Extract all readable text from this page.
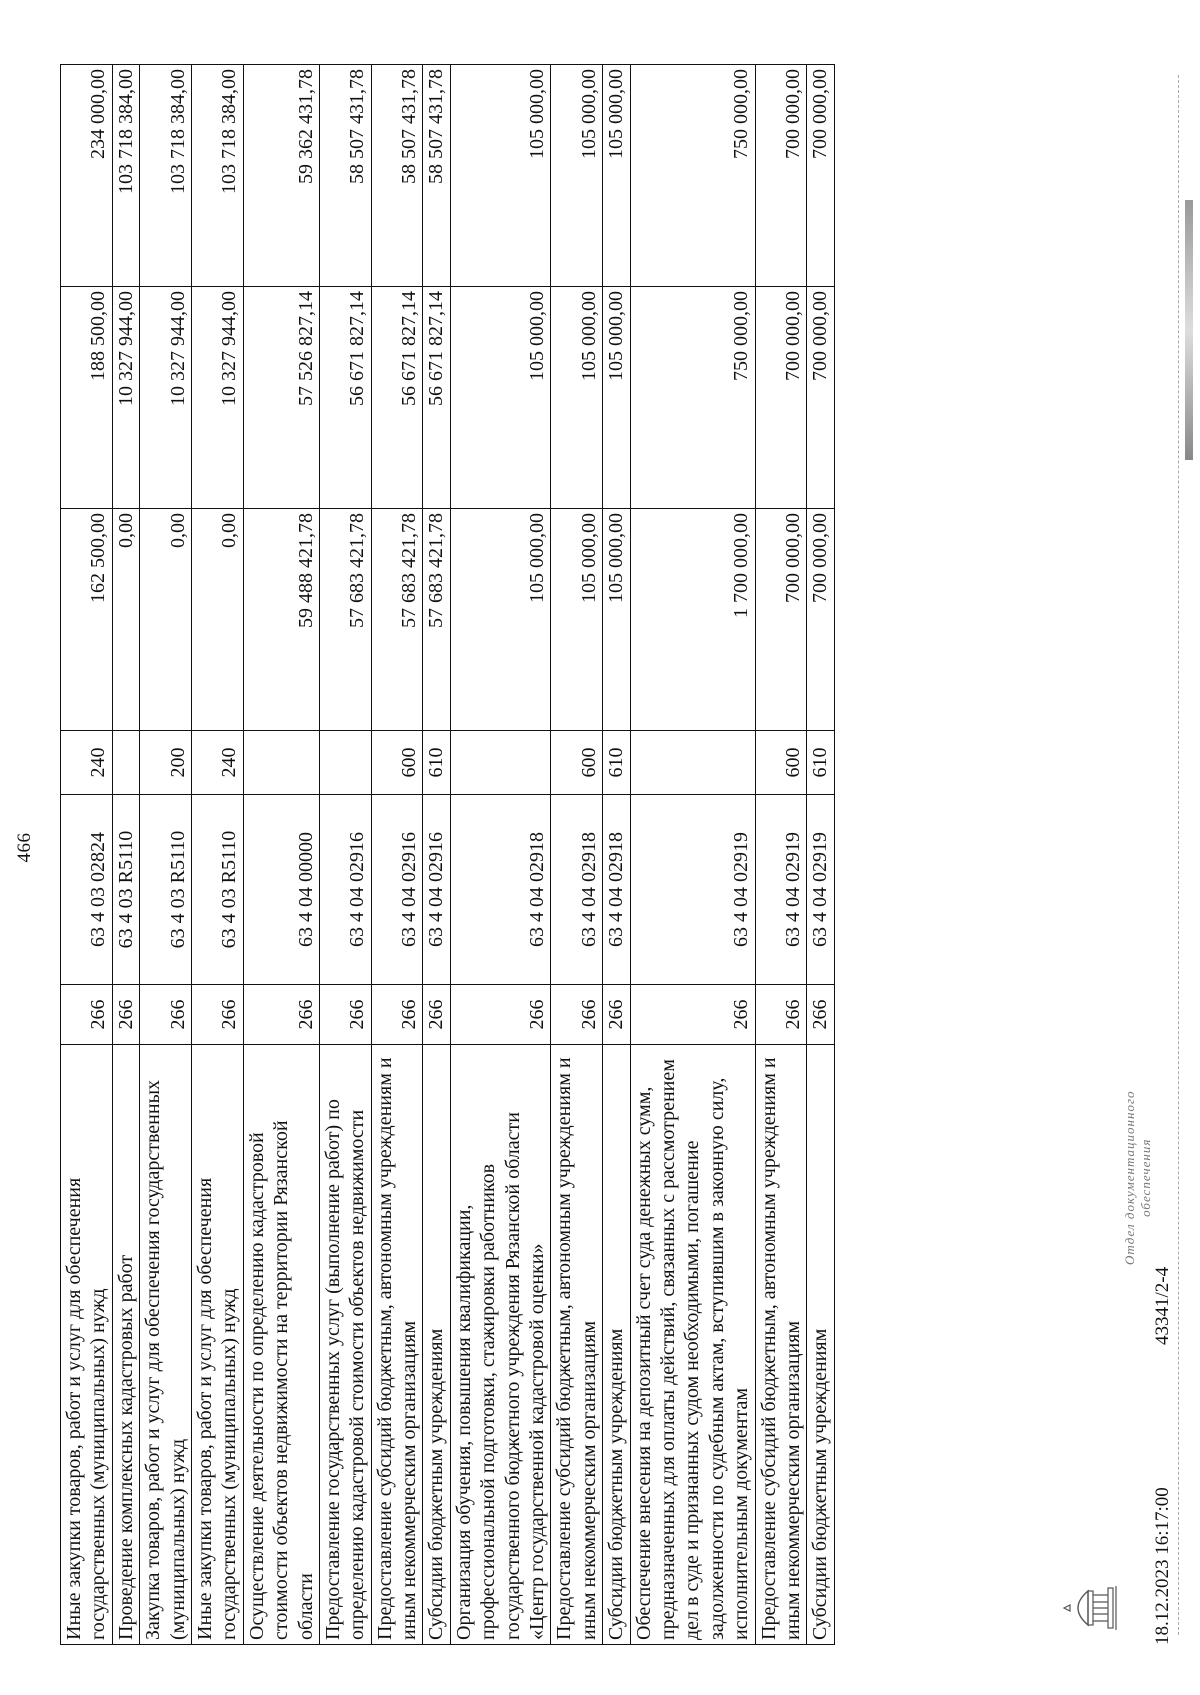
466
Иные закупки товаров, работ и услуг для обеспечения государственных (муниципальных) нужд	266	63 4 03 02824	240	162 500,00	188 500,00	234 000,00
Проведение комплексных кадастровых работ	266	63 4 03 R5110		0,00	10 327 944,00	103 718 384,00
Закупка товаров, работ и услуг для обеспечения государственных (муниципальных) нужд	266	63 4 03 R5110	200	0,00	10 327 944,00	103 718 384,00
Иные закупки товаров, работ и услуг для обеспечения государственных (муниципальных) нужд	266	63 4 03 R5110	240	0,00	10 327 944,00	103 718 384,00
Осуществление деятельности по определению кадастровой стоимости объектов недвижимости на территории Рязанской области	266	63 4 04 00000		59 488 421,78	57 526 827,14	59 362 431,78
Предоставление государственных услуг (выполнение работ) по определению кадастровой стоимости объектов недвижимости	266	63 4 04 02916		57 683 421,78	56 671 827,14	58 507 431,78
Предоставление субсидий бюджетным, автономным учреждениям и иным некоммерческим организациям	266	63 4 04 02916	600	57 683 421,78	56 671 827,14	58 507 431,78
Субсидии бюджетным учреждениям	266	63 4 04 02916	610	57 683 421,78	56 671 827,14	58 507 431,78
Организация обучения, повышения квалификации, профессиональной подготовки, стажировки работников государственного бюджетного учреждения Рязанской области «Центр государственной кадастровой оценки»	266	63 4 04 02918		105 000,00	105 000,00	105 000,00
Предоставление субсидий бюджетным, автономным учреждениям и иным некоммерческим организациям	266	63 4 04 02918	600	105 000,00	105 000,00	105 000,00
Субсидии бюджетным учреждениям	266	63 4 04 02918	610	105 000,00	105 000,00	105 000,00
Обеспечение внесения на депозитный счет суда денежных сумм, предназначенных для оплаты действий, связанных с рассмотрением дел в суде и признанных судом необходимыми, погашение задолженности по судебным актам, вступившим в законную силу, исполнительным документам	266	63 4 04 02919		1 700 000,00	750 000,00	750 000,00
Предоставление субсидий бюджетным, автономным учреждениям и иным некоммерческим организациям	266	63 4 04 02919	600	700 000,00	700 000,00	700 000,00
Субсидии бюджетным учреждениям	266	63 4 04 02919	610	700 000,00	700 000,00	700 000,00
18.12.2023 16:17:00
43341/2-4
Отдел документационного обеспечения
